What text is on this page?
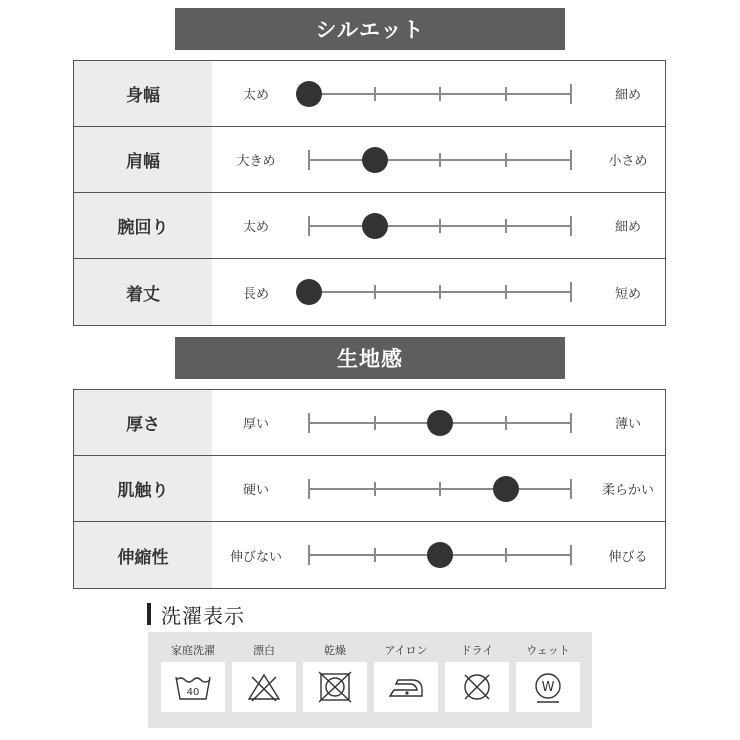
シルエット
身幅	太め	細め
肩幅	大きめ	小さめ
腕回り	太め	細め
着丈	長め	短め
生地感
厚さ	厚い	薄い
肌触り	硬い	柔らかい
伸縮性	伸びない	伸びる
洗濯表示
家庭洗濯
40
漂白	乾燥	アイロン	ドライ	ウェット
W
